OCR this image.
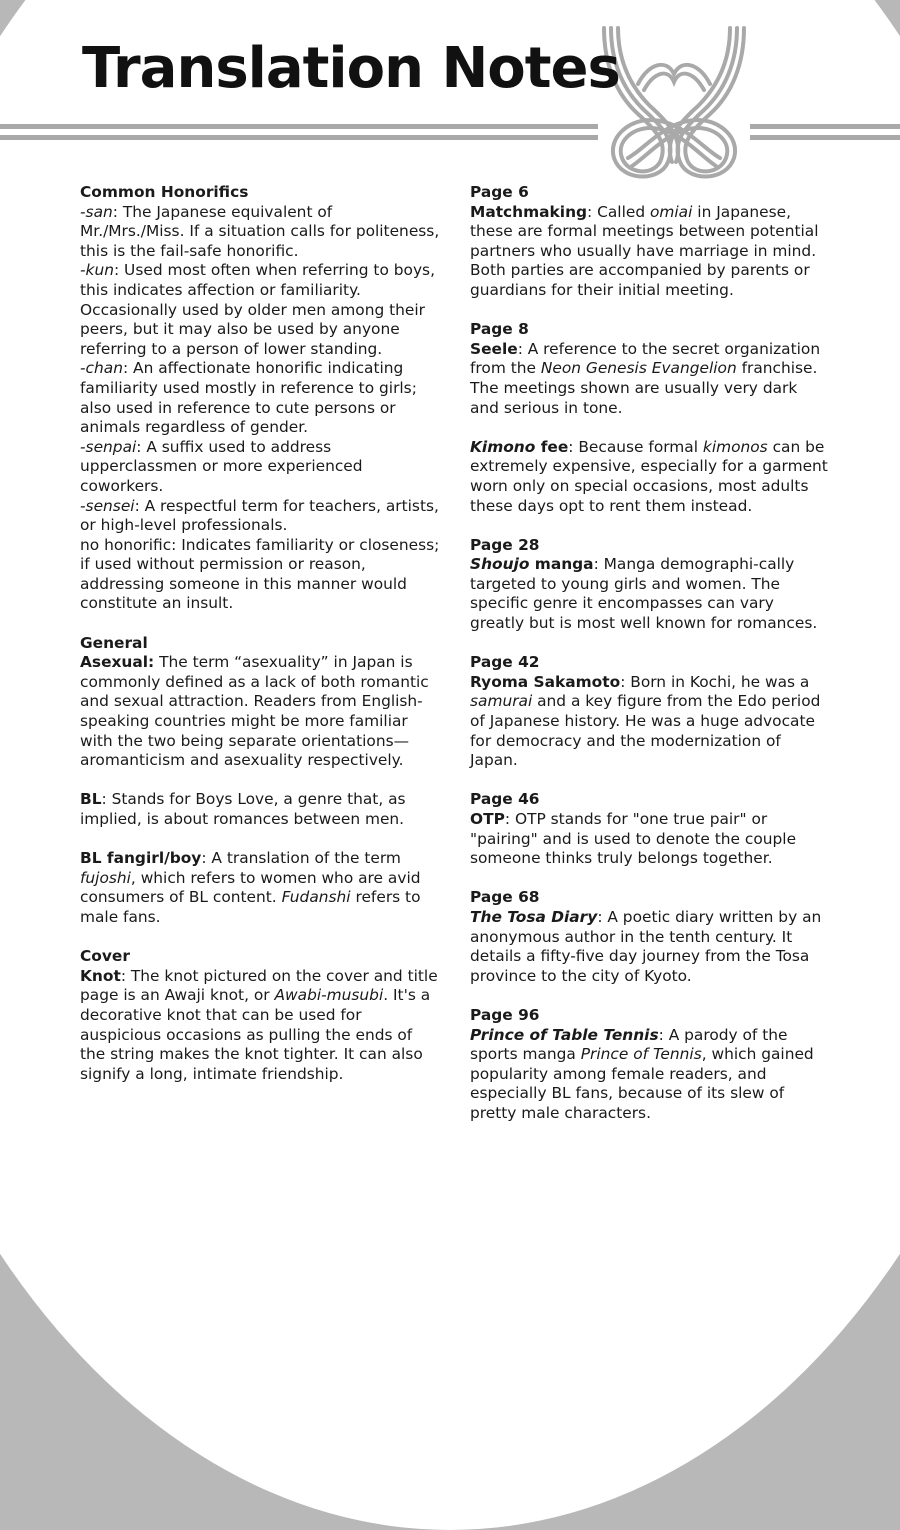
Translation Notes

Common Honorifics

-san: The Japanese equivalent of Mr./Mrs./Miss. If a situation calls for politeness, this is the fail-safe honorific.

-kun: Used most often when referring to boys, this indicates affection or familiarity. Occasionally used by older men among their peers, but it may also be used by anyone referring to a person of lower standing.

-chan: An affectionate honorific indicating familiarity used mostly in reference to girls; also used in reference to cute persons or animals regardless of gender.

-senpai: A suffix used to address upperclassmen or more experienced coworkers.

-sensei: A respectful term for teachers, artists, or high-level professionals.

no honorific: Indicates familiarity or closeness; if used without permission or reason, addressing someone in this manner would constitute an insult.

General

Asexual: The term “asexuality” in Japan is commonly defined as a lack of both romantic and sexual attraction. Readers from English-speaking countries might be more familiar with the two being separate orientations—aromanticism and asexuality respectively.

BL: Stands for Boys Love, a genre that, as implied, is about romances between men.

BL fangirl/boy: A translation of the term fujoshi, which refers to women who are avid consumers of BL content. Fudanshi refers to male fans.

Cover

Knot: The knot pictured on the cover and title page is an Awaji knot, or Awabi-musubi. It's a decorative knot that can be used for auspicious occasions as pulling the ends of the string makes the knot tighter. It can also signify a long, intimate friendship.

Page 6

Matchmaking: Called omiai in Japanese, these are formal meetings between potential partners who usually have marriage in mind. Both parties are accompanied by parents or guardians for their initial meeting.

Page 8

Seele: A reference to the secret organization from the Neon Genesis Evangelion franchise. The meetings shown are usually very dark and serious in tone.

Kimono fee: Because formal kimonos can be extremely expensive, especially for a garment worn only on special occasions, most adults these days opt to rent them instead.

Page 28

Shoujo manga: Manga demographi-cally targeted to young girls and women. The specific genre it encompasses can vary greatly but is most well known for romances.

Page 42

Ryoma Sakamoto: Born in Kochi, he was a samurai and a key figure from the Edo period of Japanese history. He was a huge advocate for democracy and the modernization of Japan.

Page 46

OTP: OTP stands for "one true pair" or "pairing" and is used to denote the couple someone thinks truly belongs together.

Page 68

The Tosa Diary: A poetic diary written by an anonymous author in the tenth century. It details a fifty-five day journey from the Tosa province to the city of Kyoto.

Page 96

Prince of Table Tennis: A parody of the sports manga Prince of Tennis, which gained popularity among female readers, and especially BL fans, because of its slew of pretty male characters.
